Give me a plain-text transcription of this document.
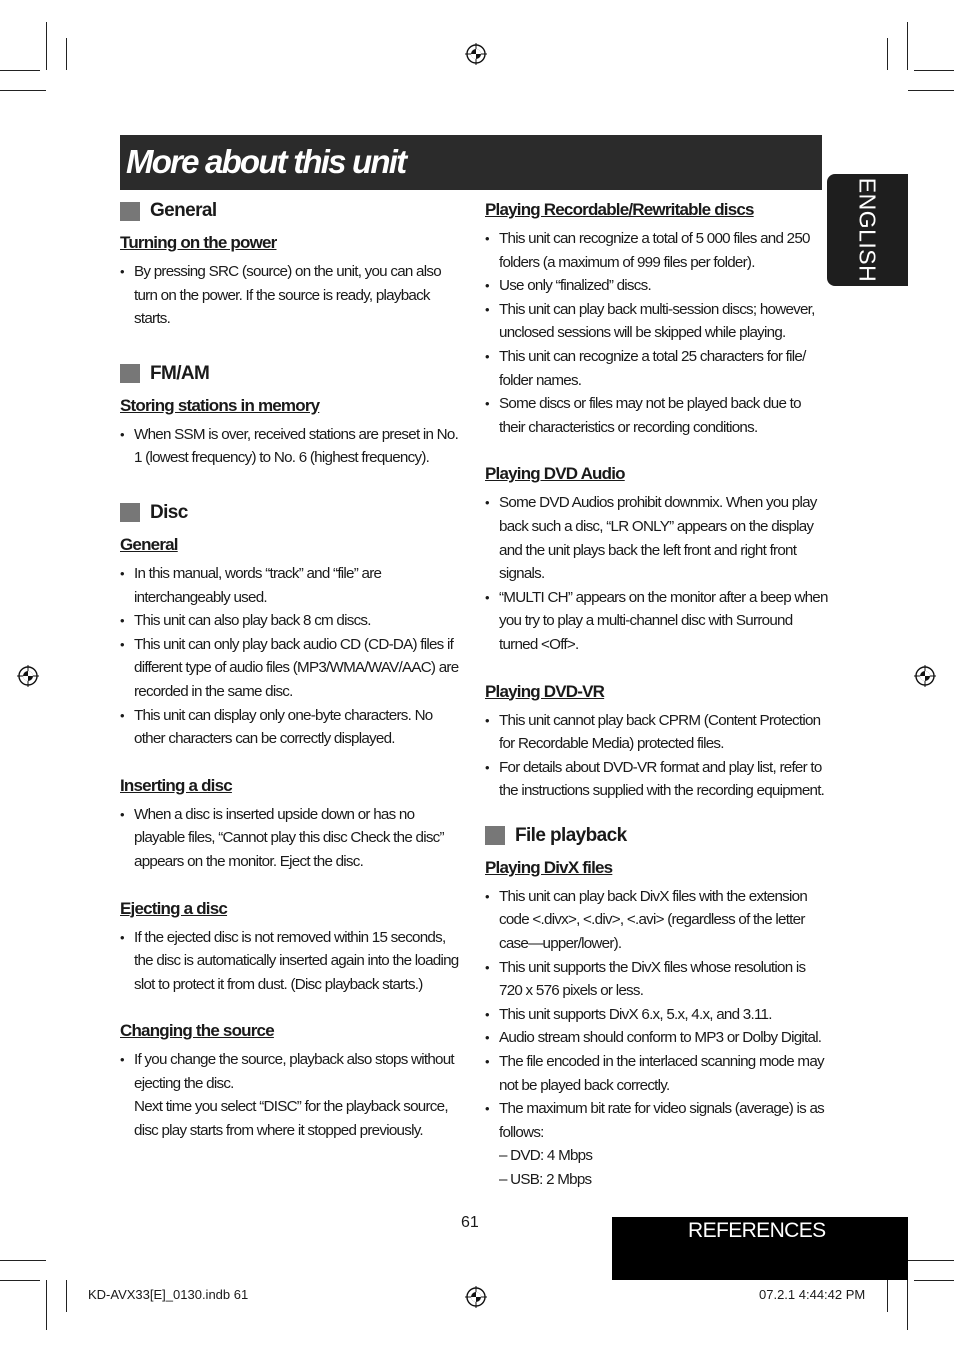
More about this unit
ENGLISH
General
Turning on the power
• By pressing SRC (source) on the unit, you can also turn on the power. If the source is ready, playback starts.
FM/AM
Storing stations in memory
• When SSM is over, received stations are preset in No. 1 (lowest frequency) to No. 6 (highest frequency).
Disc
General
• In this manual, words “track” and “file” are interchangeably used.
• This unit can also play back 8 cm discs.
• This unit can only play back audio CD (CD-DA) files if different type of audio files (MP3/WMA/WAV/AAC) are recorded in the same disc.
• This unit can display only one-byte characters. No other characters can be correctly displayed.
Inserting a disc
• When a disc is inserted upside down or has no playable files, “Cannot play this disc Check the disc” appears on the monitor. Eject the disc.
Ejecting a disc
• If the ejected disc is not removed within 15 seconds, the disc is automatically inserted again into the loading slot to protect it from dust. (Disc playback starts.)
Changing the source
• If you change the source, playback also stops without ejecting the disc.
Next time you select “DISC” for the playback source, disc play starts from where it stopped previously.
Playing Recordable/Rewritable discs
• This unit can recognize a total of 5 000 files and 250 folders (a maximum of 999 files per folder).
• Use only “finalized” discs.
• This unit can play back multi-session discs; however, unclosed sessions will be skipped while playing.
• This unit can recognize a total 25 characters for file/ folder names.
• Some discs or files may not be played back due to their characteristics or recording conditions.
Playing DVD Audio
• Some DVD Audios prohibit downmix. When you play back such a disc, “LR ONLY” appears on the display and the unit plays back the left front and right front signals.
• “MULTI CH” appears on the monitor after a beep when you try to play a multi-channel disc with Surround turned <Off>.
Playing DVD-VR
• This unit cannot play back CPRM (Content Protection for Recordable Media) protected files.
• For details about DVD-VR format and play list, refer to the instructions supplied with the recording equipment.
File playback
Playing DivX files
• This unit can play back DivX files with the extension code <.divx>, <.div>, <.avi> (regardless of the letter case—upper/lower).
• This unit supports the DivX files whose resolution is 720 x 576 pixels or less.
• This unit supports DivX 6.x, 5.x, 4.x, and 3.11.
• Audio stream should conform to MP3 or Dolby Digital.
• The file encoded in the interlaced scanning mode may not be played back correctly.
• The maximum bit rate for video signals (average) is as follows:
– DVD: 4 Mbps
– USB: 2 Mbps
61	REFERENCES
KD-AVX33[E]_0130.indb 61	07.2.1 4:44:42 PM
